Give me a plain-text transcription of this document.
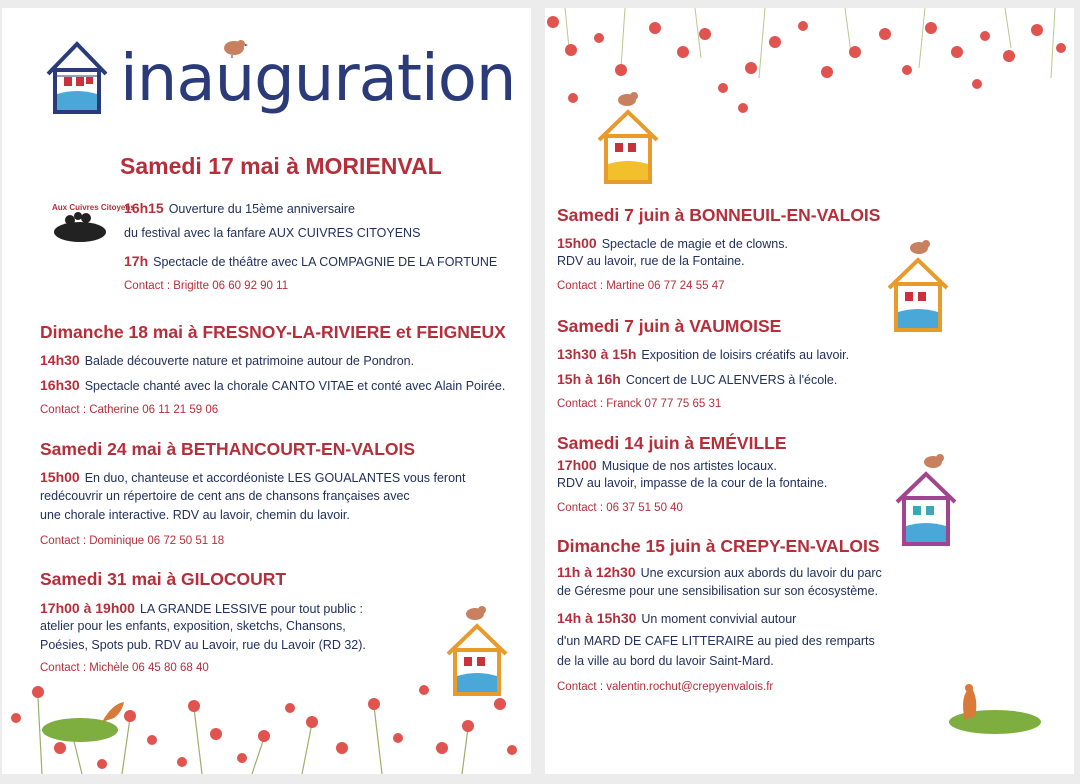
inauguration
Samedi 17 mai à MORIENVAL
Aux Cuivres Citoyens
16h15 Ouverture du 15ème anniversaire
du festival avec la fanfare AUX CUIVRES CITOYENS
17h Spectacle de théâtre avec LA COMPAGNIE DE LA FORTUNE
Contact : Brigitte 06 60 92 90 11
Dimanche 18 mai à FRESNOY-LA-RIVIERE et FEIGNEUX
14h30 Balade découverte nature et patrimoine autour de Pondron.
16h30 Spectacle chanté avec la chorale CANTO VITAE et conté avec Alain Poirée.
Contact : Catherine 06 11 21 59 06
Samedi 24 mai à BETHANCOURT-EN-VALOIS
15h00 En duo, chanteuse et accordéoniste LES GOUALANTES vous feront
redécouvrir un répertoire de cent ans de chansons françaises avec
une chorale interactive. RDV au lavoir, chemin du lavoir.
Contact : Dominique 06 72 50 51 18
Samedi 31 mai à GILOCOURT
17h00 à 19h00 LA GRANDE LESSIVE pour tout public :
atelier pour les enfants, exposition, sketchs, Chansons,
Poésies, Spots pub. RDV au Lavoir, rue du Lavoir (RD 32).
Contact : Michèle 06 45 80 68 40
Samedi 7 juin à BONNEUIL-EN-VALOIS
15h00 Spectacle de magie et de clowns.
RDV au lavoir, rue de la Fontaine.
Contact : Martine 06 77 24 55 47
Samedi 7 juin à VAUMOISE
13h30 à 15h Exposition de loisirs créatifs au lavoir.
15h à 16h Concert de LUC ALENVERS à l'école.
Contact : Franck 07 77 75 65 31
Samedi 14 juin à EMÉVILLE
17h00 Musique de nos artistes locaux.
RDV au lavoir, impasse de la cour de la fontaine.
Contact : 06 37 51 50 40
Dimanche 15 juin à CREPY-EN-VALOIS
11h à 12h30 Une excursion aux abords du lavoir du parc
de Géresme pour une sensibilisation sur son écosystème.
14h à 15h30 Un moment convivial autour
d'un MARD DE CAFE LITTERAIRE au pied des remparts
de la ville au bord du lavoir Saint-Mard.
Contact : valentin.rochut@crepyenvalois.fr
